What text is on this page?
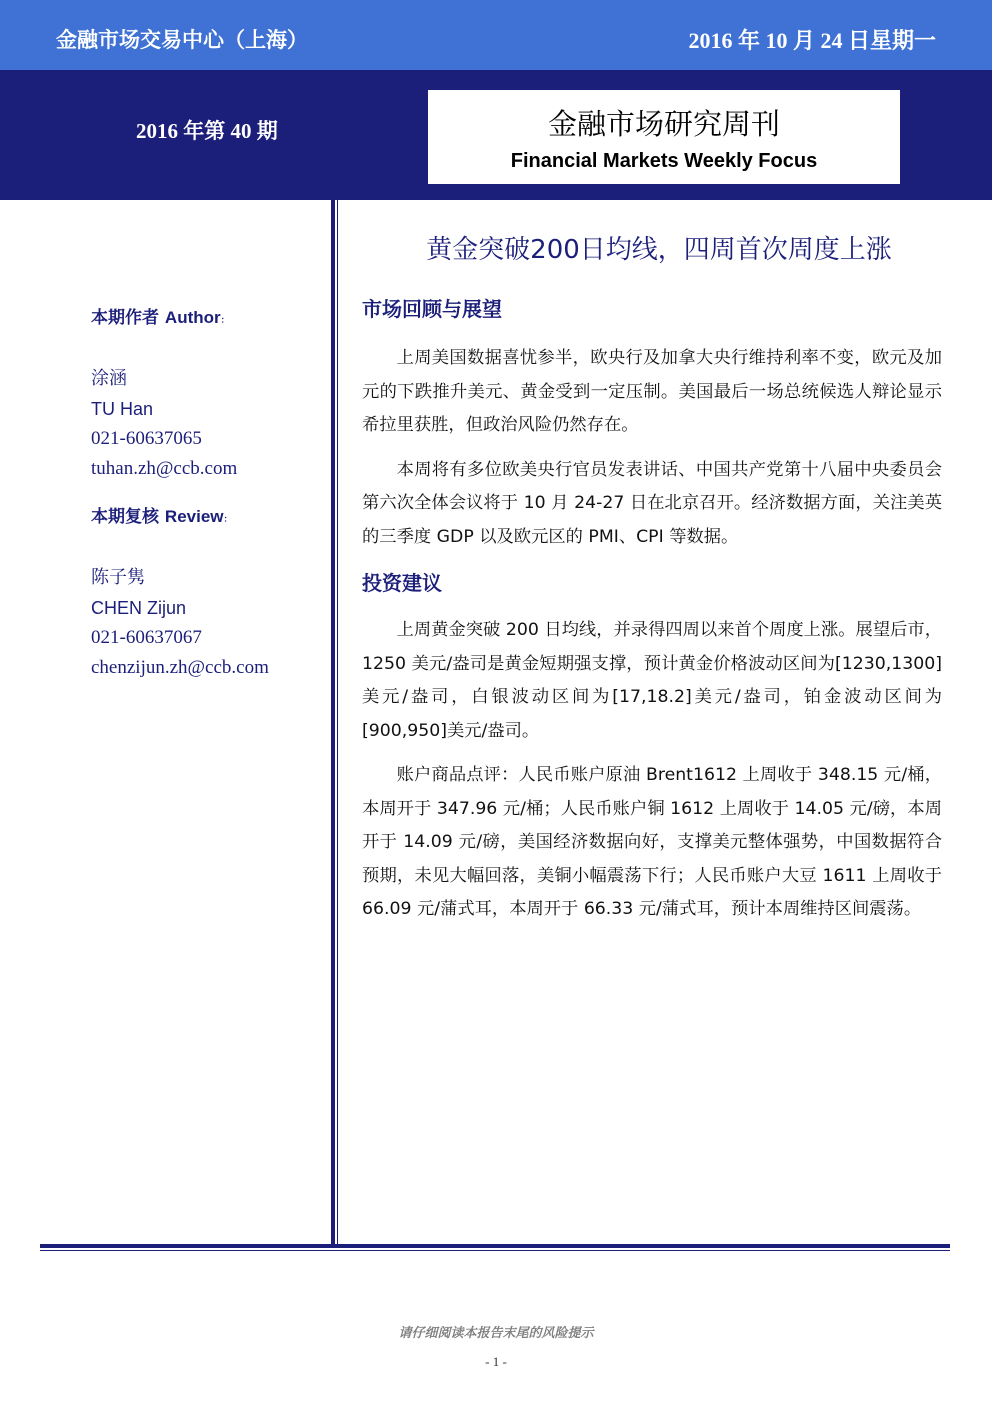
金融市场交易中心（上海）	2016 年 10 月 24 日星期一
2016 年第 40 期	金融市场研究周刊
Financial Markets Weekly Focus
本期作者 Author：
涂涵
TU Han
021-60637065
tuhan.zh@ccb.com
本期复核 Review：
陈子隽
CHEN Zijun
021-60637067
chenzijun.zh@ccb.com
黄金突破200日均线，四周首次周度上涨
市场回顾与展望

上周美国数据喜忧参半，欧央行及加拿大央行维持利率不变，欧元及加元的下跌推升美元、黄金受到一定压制。美国最后一场总统候选人辩论显示希拉里获胜，但政治风险仍然存在。

本周将有多位欧美央行官员发表讲话、中国共产党第十八届中央委员会第六次全体会议将于 10 月 24-27 日在北京召开。经济数据方面，关注美英的三季度 GDP 以及欧元区的 PMI、CPI 等数据。

投资建议

上周黄金突破 200 日均线，并录得四周以来首个周度上涨。展望后市，1250 美元/盎司是黄金短期强支撑，预计黄金价格波动区间为[1230,1300]美元/盎司，白银波动区间为[17,18.2]美元/盎司，铂金波动区间为[900,950]美元/盎司。

账户商品点评：人民币账户原油 Brent1612 上周收于 348.15 元/桶，本周开于 347.96 元/桶；人民币账户铜 1612 上周收于 14.05 元/磅，本周开于 14.09 元/磅，美国经济数据向好，支撑美元整体强势，中国数据符合预期，未见大幅回落，美铜小幅震荡下行；人民币账户大豆 1611 上周收于 66.09 元/蒲式耳，本周开于 66.33 元/蒲式耳，预计本周维持区间震荡。

请仔细阅读本报告末尾的风险提示
- 1 -
